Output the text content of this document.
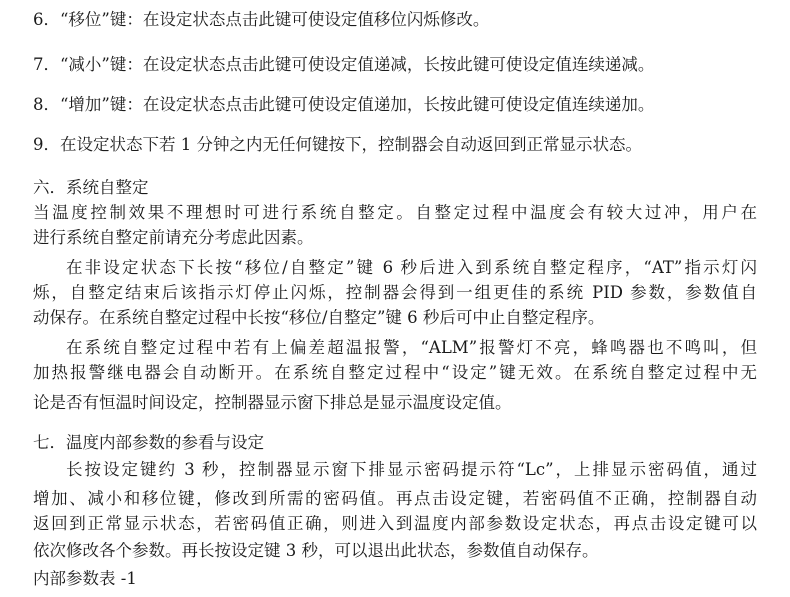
6．“移位”键：在设定状态点击此键可使设定值移位闪烁修改。
7．“减小”键：在设定状态点击此键可使设定值递减，长按此键可使设定值连续递减。
8．“增加”键：在设定状态点击此键可使设定值递加，长按此键可使设定值连续递加。
9．在设定状态下若 1 分钟之内无任何键按下，控制器会自动返回到正常显示状态。
六．系统自整定
当温度控制效果不理想时可进行系统自整定。自整定过程中温度会有较大过冲，用户在
进行系统自整定前请充分考虑此因素。
在非设定状态下长按“移位/自整定”键 6 秒后进入到系统自整定程序，“AT”指示灯闪
烁，自整定结束后该指示灯停止闪烁，控制器会得到一组更佳的系统 PID 参数，参数值自
动保存。在系统自整定过程中长按“移位/自整定”键 6 秒后可中止自整定程序。
在系统自整定过程中若有上偏差超温报警，“ALM”报警灯不亮，蜂鸣器也不鸣叫，但
加热报警继电器会自动断开。在系统自整定过程中“设定”键无效。在系统自整定过程中无
论是否有恒温时间设定，控制器显示窗下排总是显示温度设定值。
七．温度内部参数的参看与设定
长按设定键约 3 秒，控制器显示窗下排显示密码提示符“Lc”，上排显示密码值，通过
增加、减小和移位键，修改到所需的密码值。再点击设定键，若密码值不正确，控制器自动
返回到正常显示状态，若密码值正确，则进入到温度内部参数设定状态，再点击设定键可以
依次修改各个参数。再长按设定键 3 秒，可以退出此状态，参数值自动保存。
内部参数表 -1
